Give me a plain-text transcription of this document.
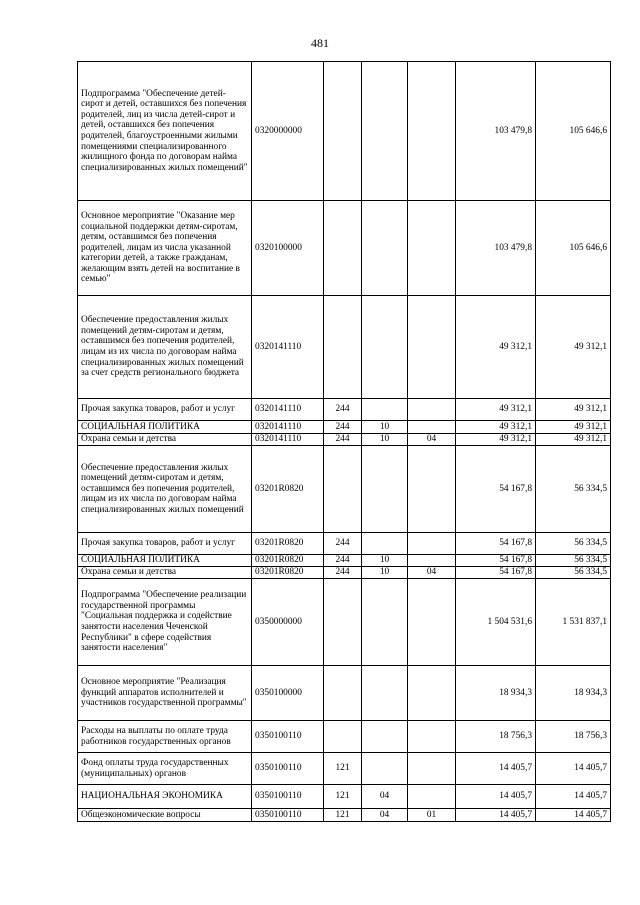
481
Подпрограмма "Обеспечение детей-сирот и детей, оставшихся без попечения родителей, лиц из числа детей-сирот и детей, оставшихся без попечения родителей, благоустроенными жилыми помещениями специализированного жилищного фонда по договорам найма специализированных жилых помещений"	0320000000				103 479,8	105 646,6
Основное мероприятие "Оказание мер социальной поддержки детям-сиротам, детям, оставшимся без попечения родителей, лицам из числа указанной категории детей, а также гражданам, желающим взять детей на воспитание в семью"	0320100000				103 479,8	105 646,6
Обеспечение предоставления жилых помещений детям-сиротам и детям, оставшимся без попечения родителей, лицам из их числа по договорам найма специализированных жилых помещений за счет средств регионального бюджета	0320141110				49 312,1	49 312,1
Прочая закупка товаров, работ и услуг	0320141110	244			49 312,1	49 312,1
СОЦИАЛЬНАЯ ПОЛИТИКА	0320141110	244	10		49 312,1	49 312,1
Охрана семьи и детства	0320141110	244	10	04	49 312,1	49 312,1
Обеспечение предоставления жилых помещений детям-сиротам и детям, оставшимся без попечения родителей, лицам из их числа по договорам найма специализированных жилых помещений	03201R0820				54 167,8	56 334,5
Прочая закупка товаров, работ и услуг	03201R0820	244			54 167,8	56 334,5
СОЦИАЛЬНАЯ ПОЛИТИКА	03201R0820	244	10		54 167,8	56 334,5
Охрана семьи и детства	03201R0820	244	10	04	54 167,8	56 334,5
Подпрограмма "Обеспечение реализации государственной программы "Социальная поддержка и содействие занятости населения Чеченской Республики" в сфере содействия занятости населения"	0350000000				1 504 531,6	1 531 837,1
Основное мероприятие "Реализация функций аппаратов исполнителей и участников государственной программы"	0350100000				18 934,3	18 934,3
Расходы на выплаты по оплате труда работников государственных органов	0350100110				18 756,3	18 756,3
Фонд оплаты труда государственных (муниципальных) органов	0350100110	121			14 405,7	14 405,7
НАЦИОНАЛЬНАЯ ЭКОНОМИКА	0350100110	121	04		14 405,7	14 405,7
Общеэкономические вопросы	0350100110	121	04	01	14 405,7	14 405,7
